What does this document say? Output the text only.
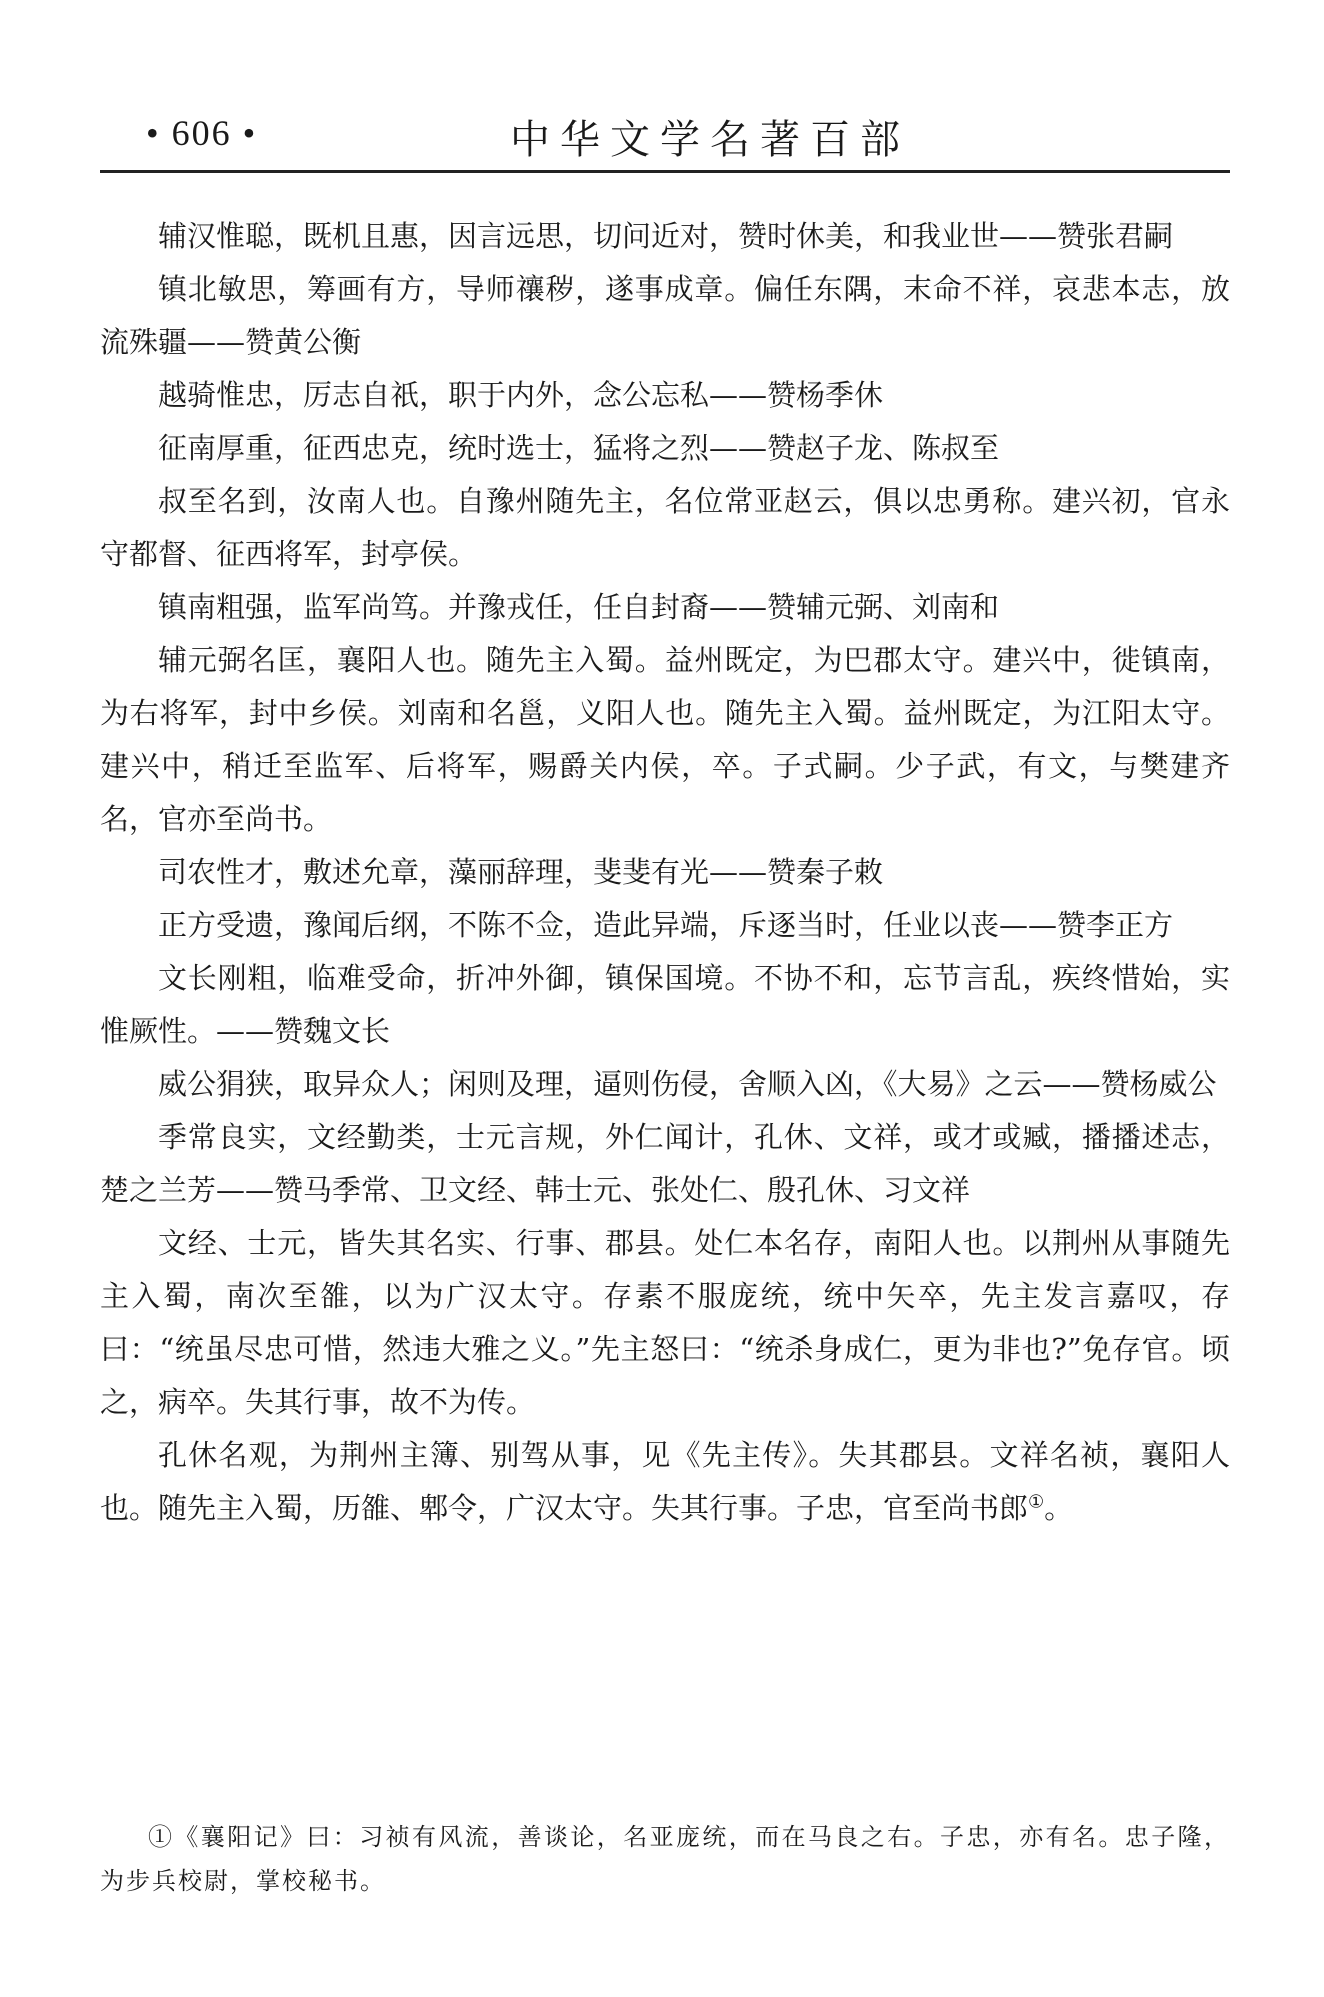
• 606 •	中华文学名著百部

辅汉惟聪，既机且惠，因言远思，切问近对，赞时休美，和我业世——赞张君嗣

镇北敏思，筹画有方，导师禳秽，遂事成章。偏任东隅，末命不祥，哀悲本志，放流殊疆——赞黄公衡

越骑惟忠，厉志自祇，职于内外，念公忘私——赞杨季休

征南厚重，征西忠克，统时选士，猛将之烈——赞赵子龙、陈叔至

叔至名到，汝南人也。自豫州随先主，名位常亚赵云，俱以忠勇称。建兴初，官永守都督、征西将军，封亭侯。

镇南粗强，监军尚笃。并豫戎任，任自封裔——赞辅元弼、刘南和

辅元弼名匡，襄阳人也。随先主入蜀。益州既定，为巴郡太守。建兴中，徙镇南，为右将军，封中乡侯。刘南和名邕，义阳人也。随先主入蜀。益州既定，为江阳太守。建兴中，稍迁至监军、后将军，赐爵关内侯，卒。子式嗣。少子武，有文，与樊建齐名，官亦至尚书。

司农性才，敷述允章，藻丽辞理，斐斐有光——赞秦子敕

正方受遗，豫闻后纲，不陈不佥，造此异端，斥逐当时，任业以丧——赞李正方

文长刚粗，临难受命，折冲外御，镇保国境。不协不和，忘节言乱，疾终惜始，实惟厥性。——赞魏文长

威公狷狭，取异众人；闲则及理，逼则伤侵，舍顺入凶，《大易》之云——赞杨威公

季常良实，文经勤类，士元言规，外仁闻计，孔休、文祥，或才或臧，播播述志，楚之兰芳——赞马季常、卫文经、韩士元、张处仁、殷孔休、习文祥

文经、士元，皆失其名实、行事、郡县。处仁本名存，南阳人也。以荆州从事随先主入蜀，南次至雒，以为广汉太守。存素不服庞统，统中矢卒，先主发言嘉叹，存曰：“统虽尽忠可惜，然违大雅之义。”先主怒曰：“统杀身成仁，更为非也?”免存官。顷之，病卒。失其行事，故不为传。

孔休名观，为荆州主簿、别驾从事，见《先主传》。失其郡县。文祥名祯，襄阳人也。随先主入蜀，历雒、郫令，广汉太守。失其行事。子忠，官至尚书郎①。

①《襄阳记》曰：习祯有风流，善谈论，名亚庞统，而在马良之右。子忠，亦有名。忠子隆，为步兵校尉，掌校秘书。
